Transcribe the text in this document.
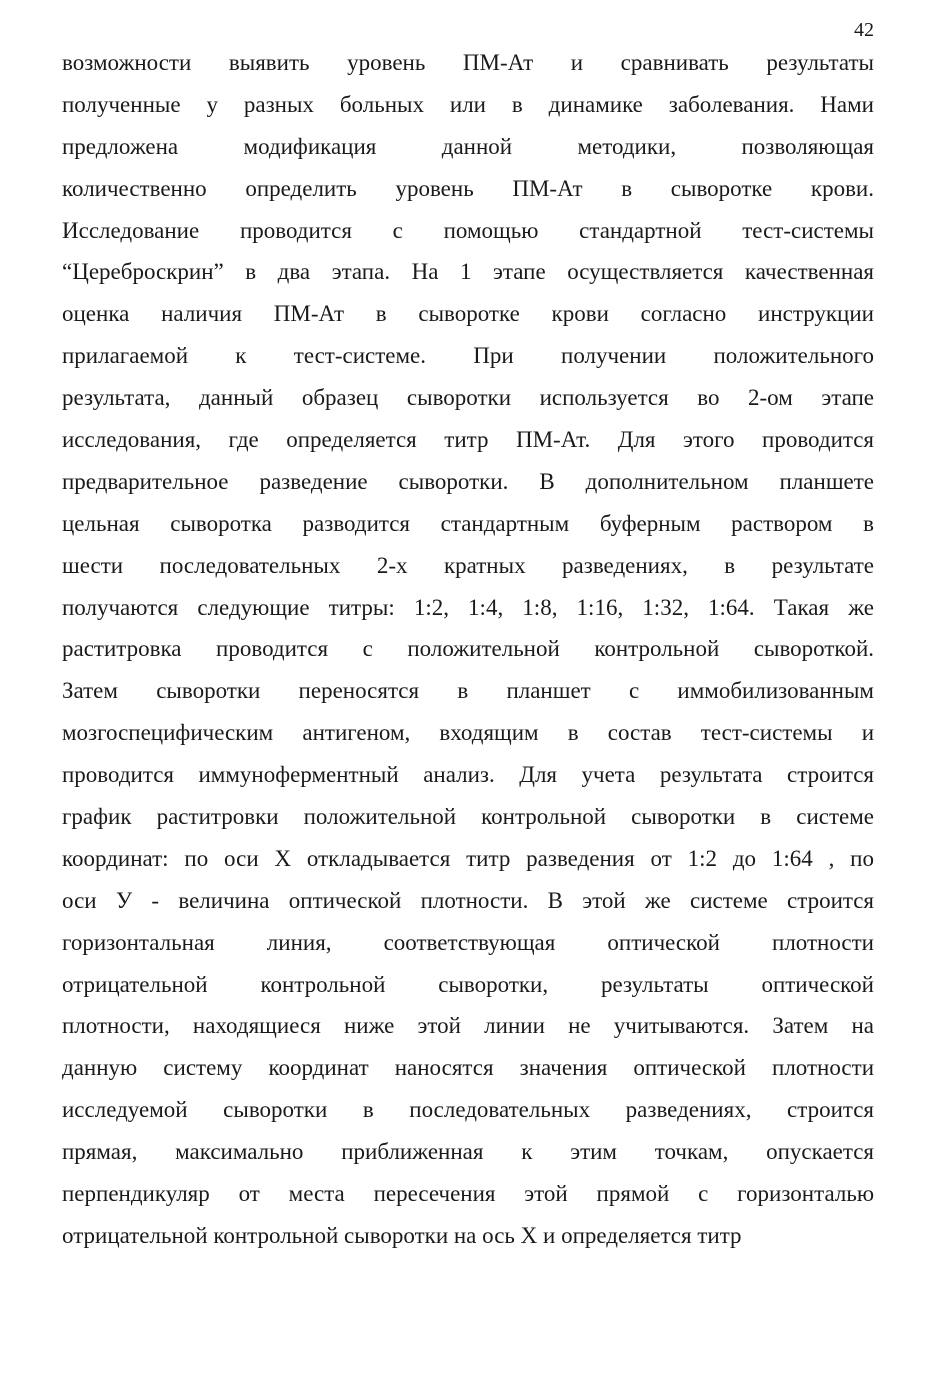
42
возможности выявить уровень ПМ-Ат и сравнивать результаты
полученные у разных больных или в динамике заболевания. Нами
предложена модификация данной методики, позволяющая
количественно определить уровень ПМ-Ат в сыворотке крови.
Исследование проводится с помощью стандартной тест-системы
“Цереброскрин” в два этапа. На 1 этапе осуществляется качественная
оценка наличия ПМ-Ат в сыворотке крови согласно инструкции
прилагаемой к тест-системе. При получении положительного
результата, данный образец сыворотки используется во 2-ом этапе
исследования, где определяется титр ПМ-Ат. Для этого проводится
предварительное разведение сыворотки. В дополнительном планшете
цельная сыворотка разводится стандартным буферным раствором в
шести последовательных 2-х кратных разведениях, в результате
получаются следующие титры: 1:2, 1:4, 1:8, 1:16, 1:32, 1:64. Такая же
раститровка проводится с положительной контрольной сывороткой.
Затем сыворотки переносятся в планшет с иммобилизованным
мозгоспецифическим антигеном, входящим в состав тест-системы и
проводится иммуноферментный анализ. Для учета результата строится
график раститровки положительной контрольной сыворотки в системе
координат: по оси Х откладывается титр разведения от 1:2 до 1:64 , по
оси У - величина оптической плотности. В этой же системе строится
горизонтальная линия, соответствующая оптической плотности
отрицательной контрольной сыворотки, результаты оптической
плотности, находящиеся ниже этой линии не учитываются. Затем на
данную систему координат наносятся значения оптической плотности
исследуемой сыворотки в последовательных разведениях, строится
прямая, максимально приближенная к этим точкам, опускается
перпендикуляр от места пересечения этой прямой с горизонталью
отрицательной контрольной сыворотки на ось Х и определяется титр
